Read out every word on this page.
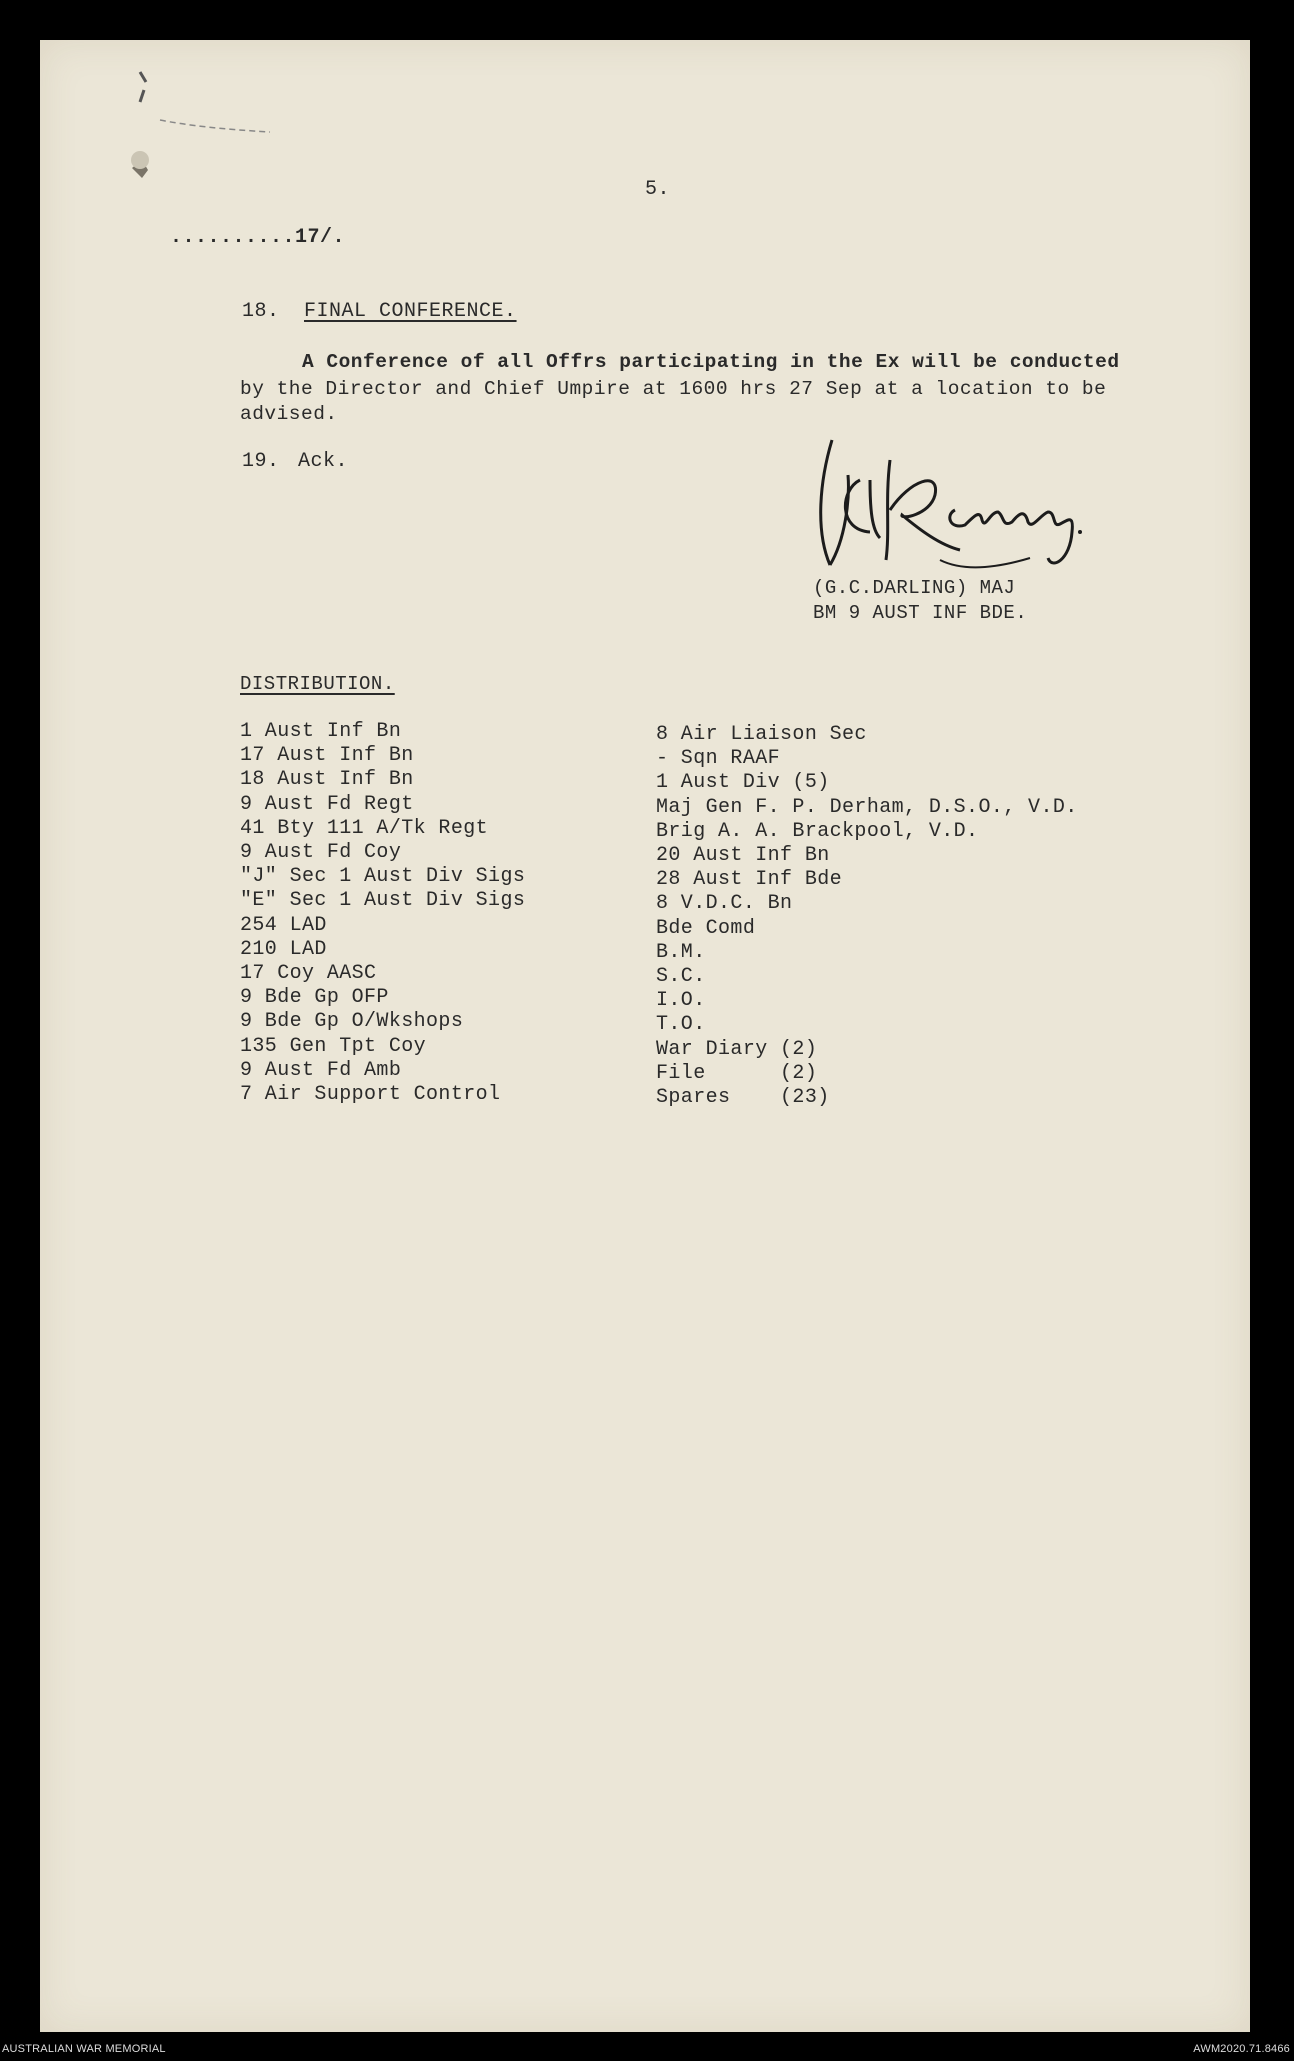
5.
..........17/.
18. FINAL CONFERENCE.
A Conference of all Offrs participating in the Ex will be conducted
by the Director and Chief Umpire at 1600 hrs 27 Sep at a location to be
advised.
19. Ack.
(G.C.DARLING) MAJ
BM 9 AUST INF BDE.
DISTRIBUTION.
1 Aust Inf Bn
17 Aust Inf Bn
18 Aust Inf Bn
9 Aust Fd Regt
41 Bty 111 A/Tk Regt
9 Aust Fd Coy
"J" Sec 1 Aust Div Sigs
"E" Sec 1 Aust Div Sigs
254 LAD
210 LAD
17 Coy AASC
9 Bde Gp OFP
9 Bde Gp O/Wkshops
135 Gen Tpt Coy
9 Aust Fd Amb
7 Air Support Control
8 Air Liaison Sec
- Sqn RAAF
1 Aust Div (5)
Maj Gen F. P. Derham, D.S.O., V.D.
Brig A. A. Brackpool, V.D.
20 Aust Inf Bn
28 Aust Inf Bde
8 V.D.C. Bn
Bde Comd
B.M.
S.C.
I.O.
T.O.
War Diary (2)
File      (2)
Spares    (23)
AUSTRALIAN WAR MEMORIAL	AWM2020.71.8466
